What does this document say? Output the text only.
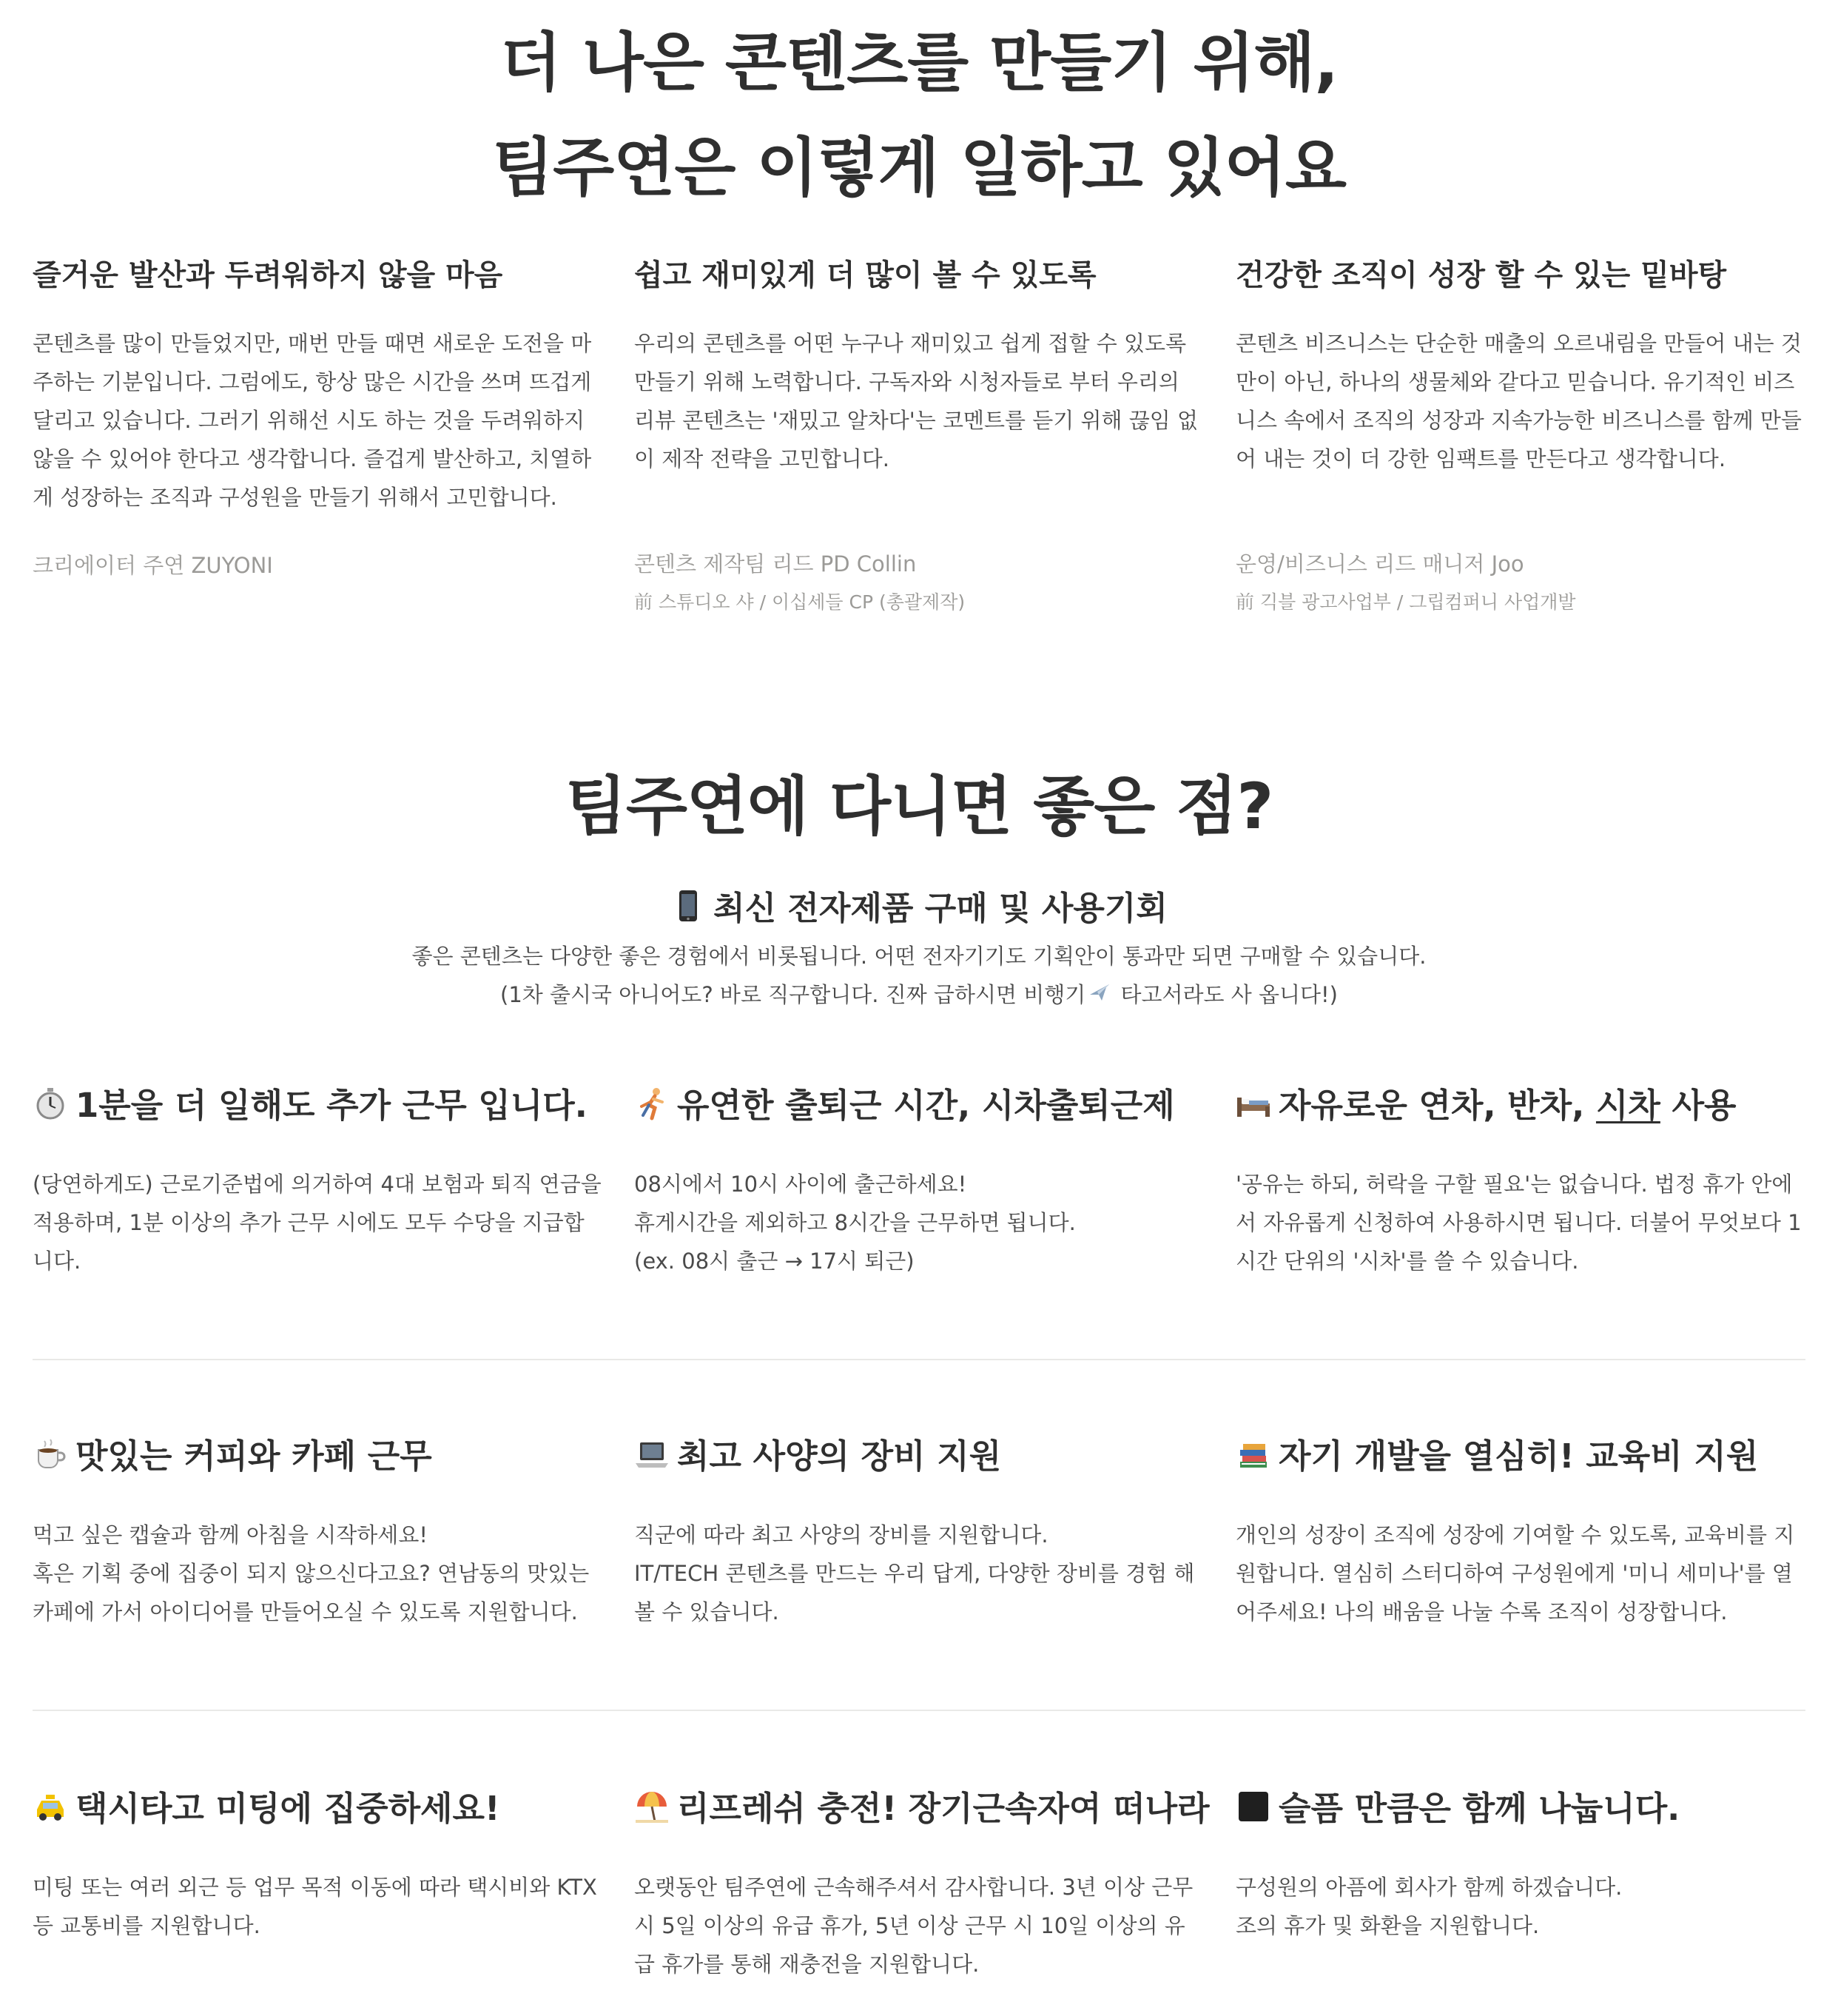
더 나은 콘텐츠를 만들기 위해,
팀주연은 이렇게 일하고 있어요
즐거운 발산과 두려워하지 않을 마음
콘텐츠를 많이 만들었지만, 매번 만들 때면 새로운 도전을 마주하는 기분입니다. 그럼에도, 항상 많은 시간을 쓰며 뜨겁게 달리고 있습니다. 그러기 위해선 시도 하는 것을 두려워하지 않을 수 있어야 한다고 생각합니다. 즐겁게 발산하고, 치열하게 성장하는 조직과 구성원을 만들기 위해서 고민합니다.
크리에이터 주연 ZUYONI
쉽고 재미있게 더 많이 볼 수 있도록
우리의 콘텐츠를 어떤 누구나 재미있고 쉽게 접할 수 있도록 만들기 위해 노력합니다. 구독자와 시청자들로 부터 우리의 리뷰 콘텐츠는 '재밌고 알차다'는 코멘트를 듣기 위해 끊임 없이 제작 전략을 고민합니다.
콘텐츠 제작팀 리드 PD Collin
前 스튜디오 샤 / 이십세들 CP (총괄제작)
건강한 조직이 성장 할 수 있는 밑바탕
콘텐츠 비즈니스는 단순한 매출의 오르내림을 만들어 내는 것만이 아닌, 하나의 생물체와 같다고 믿습니다. 유기적인 비즈니스 속에서 조직의 성장과 지속가능한 비즈니스를 함께 만들어 내는 것이 더 강한 임팩트를 만든다고 생각합니다.
운영/비즈니스 리드 매니저 Joo
前 긱블 광고사업부 / 그립컴퍼니 사업개발
팀주연에 다니면 좋은 점?
최신 전자제품 구매 및 사용기회
좋은 콘텐츠는 다양한 좋은 경험에서 비롯됩니다. 어떤 전자기기도 기획안이 통과만 되면 구매할 수 있습니다.
(1차 출시국 아니어도? 바로 직구합니다. 진짜 급하시면 비행기 타고서라도 사 옵니다!)
1분을 더 일해도 추가 근무 입니다.
(당연하게도) 근로기준법에 의거하여 4대 보험과 퇴직 연금을 적용하며, 1분 이상의 추가 근무 시에도 모두 수당을 지급합니다.
유연한 출퇴근 시간, 시차출퇴근제
08시에서 10시 사이에 출근하세요!
휴게시간을 제외하고 8시간을 근무하면 됩니다.
(ex. 08시 출근 → 17시 퇴근)
자유로운 연차, 반차, 시차 사용
'공유는 하되, 허락을 구할 필요'는 없습니다. 법정 휴가 안에서 자유롭게 신청하여 사용하시면 됩니다. 더불어 무엇보다 1시간 단위의 '시차'를 쓸 수 있습니다.
맛있는 커피와 카페 근무
먹고 싶은 캡슐과 함께 아침을 시작하세요!
혹은 기획 중에 집중이 되지 않으신다고요? 연남동의 맛있는 카페에 가서 아이디어를 만들어오실 수 있도록 지원합니다.
최고 사양의 장비 지원
직군에 따라 최고 사양의 장비를 지원합니다.
IT/TECH 콘텐츠를 만드는 우리 답게, 다양한 장비를 경험 해 볼 수 있습니다.
자기 개발을 열심히! 교육비 지원
개인의 성장이 조직에 성장에 기여할 수 있도록, 교육비를 지원합니다. 열심히 스터디하여 구성원에게 '미니 세미나'를 열어주세요! 나의 배움을 나눌 수록 조직이 성장합니다.
택시타고 미팅에 집중하세요!
미팅 또는 여러 외근 등 업무 목적 이동에 따라 택시비와 KTX 등 교통비를 지원합니다.
리프레쉬 충전! 장기근속자여 떠나라
오랫동안 팀주연에 근속해주셔서 감사합니다. 3년 이상 근무 시 5일 이상의 유급 휴가, 5년 이상 근무 시 10일 이상의 유급 휴가를 통해 재충전을 지원합니다.
슬픔 만큼은 함께 나눕니다.
구성원의 아픔에 회사가 함께 하겠습니다.
조의 휴가 및 화환을 지원합니다.
